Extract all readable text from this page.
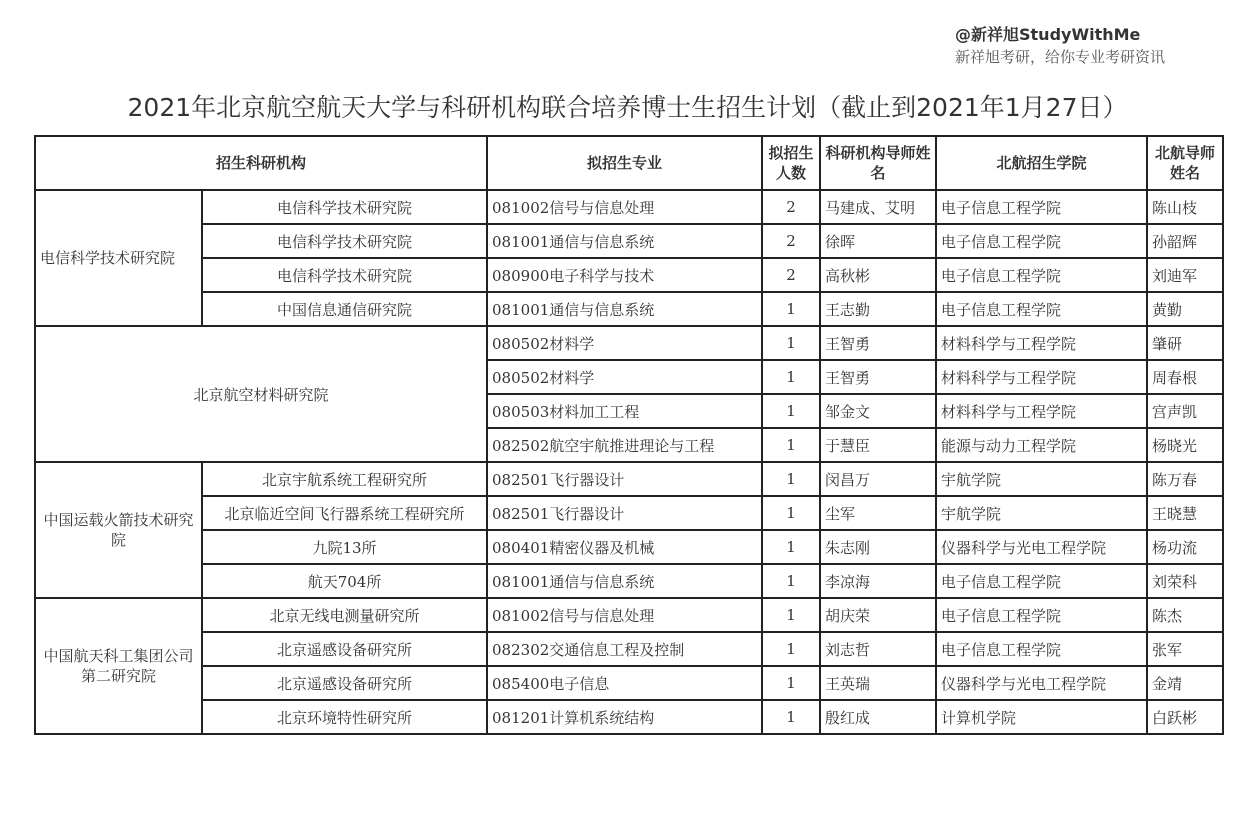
@新祥旭StudyWithMe
新祥旭考研，给你专业考研资讯
2021年北京航空航天大学与科研机构联合培养博士生招生计划（截止到2021年1月27日）
招生科研机构		拟招生专业	拟招生人数	科研机构导师姓名	北航招生学院	北航导师姓名
电信科学技术研究院	电信科学技术研究院	081002信号与信息处理	2	马建成、艾明	电子信息工程学院	陈山枝
	电信科学技术研究院	081001通信与信息系统	2	徐晖	电子信息工程学院	孙韶辉
	电信科学技术研究院	080900电子科学与技术	2	高秋彬	电子信息工程学院	刘迪军
	中国信息通信研究院	081001通信与信息系统	1	王志勤	电子信息工程学院	黄勤
北京航空材料研究院		080502材料学	1	王智勇	材料科学与工程学院	肇研
		080502材料学	1	王智勇	材料科学与工程学院	周春根
		080503材料加工工程	1	邹金文	材料科学与工程学院	宫声凯
		082502航空宇航推进理论与工程	1	于慧臣	能源与动力工程学院	杨晓光
中国运载火箭技术研究院	北京宇航系统工程研究所	082501飞行器设计	1	闵昌万	宇航学院	陈万春
	北京临近空间飞行器系统工程研究所	082501飞行器设计	1	尘军	宇航学院	王晓慧
	九院13所	080401精密仪器及机械	1	朱志刚	仪器科学与光电工程学院	杨功流
	航天704所	081001通信与信息系统	1	李凉海	电子信息工程学院	刘荣科
中国航天科工集团公司第二研究院	北京无线电测量研究所	081002信号与信息处理	1	胡庆荣	电子信息工程学院	陈杰
	北京遥感设备研究所	082302交通信息工程及控制	1	刘志哲	电子信息工程学院	张军
	北京遥感设备研究所	085400电子信息	1	王英瑞	仪器科学与光电工程学院	金靖
	北京环境特性研究所	081201计算机系统结构	1	殷红成	计算机学院	白跃彬
